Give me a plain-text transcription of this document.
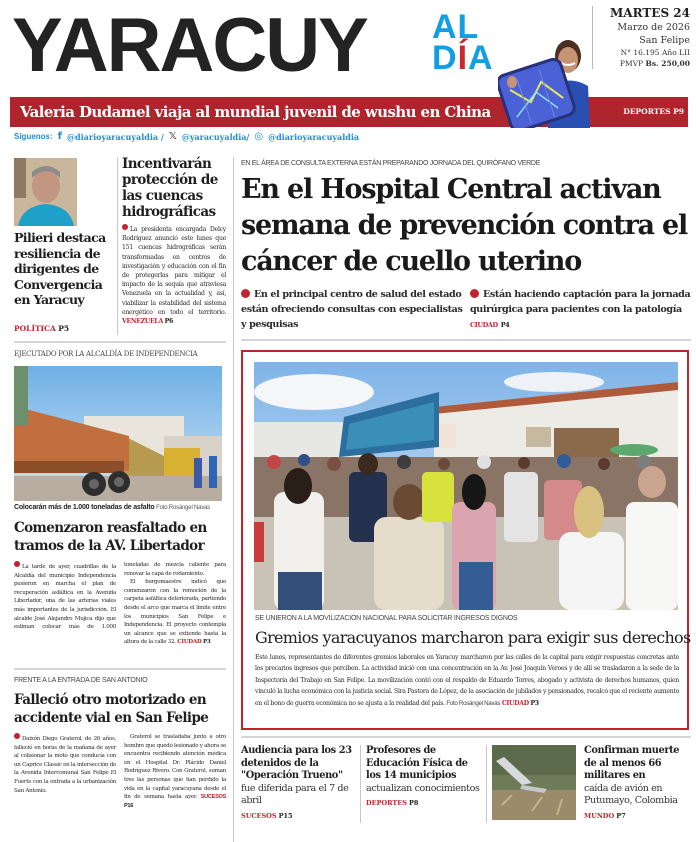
YARACUY	AL
DÍA
Valeria Dudamel viaja al mundial juvenil de wushu en China	DEPORTES P9
MARTES 24
Marzo de 2026
San Felipe
N° 16.195 Año LII
PMVP Bs. 250,00
Síguenos: f @diarioyaracuyaldia / 𝕏 @yaracuyaldia/ ◎ @diarioyaracuyaldia
Pilieri destaca resiliencia de dirigentes de Convergencia en Yaracuy
POLÍTICA P5
Incentivarán protección de las cuencas hidrográficas
La presidenta encargada Delcy Rodríguez anunció este lunes que 151 cuencas hidrográficas serán transformadas en centros de investigación y educación con el fin de protegerlas para mitigar el impacto de la sequía que atraviesa Venezuela en la actualidad y, así, viabilizar la estabilidad del sistema energético en todo el territorio. VENEZUELA P6
EN EL ÁREA DE CONSULTA EXTERNA ESTÁN PREPARANDO JORNADA DEL QUIRÓFANO VERDE
En el Hospital Central activan semana de prevención contra el cáncer de cuello uterino
En el principal centro de salud del estado están ofreciendo consultas con especialistas y pesquisas
Están haciendo captación para la jornada quirúrgica para pacientes con la patología CIUDAD P4
EJECUTADO POR LA ALCALDÍA DE INDEPENDENCIA
Colocarán más de 1.000 toneladas de asfalto Foto Rosángel Navas
Comenzaron reasfaltado en tramos de la AV. Libertador

La tarde de ayer, cuadrillas de la Alcaldía del municipio Independencia pusieron en marcha el plan de recuperación asfáltica en la Avenida Libertador, una de las arterias viales más importantes de la jurisdicción. El alcalde José Alejandro Mujica dijo que estiman colocar más de 1.000 toneladas de mezcla caliente para renovar la capa de rodamiento.

El burgomaestre indicó que comenzaron con la remoción de la carpeta asfáltica deteriorada, partiendo desde el arco que marca el límite entre los municipios San Felipe e Independencia. El proyecto contempla un alcance que se extiende hasta la altura de la calle 32. CIUDAD P3

FRENTE A LA ENTRADA DE SAN ANTONIO
Falleció otro motorizado en accidente vial en San Felipe

Daixón Diego Graterol, de 26 años, falleció en horas de la mañana de ayer al colisionar la moto que conducía con un Caprice Classic en la intersección de la Avenida Intercomunal San Felipe El Fuerte con la entrada a la urbanización San Antonio.

Graterol se trasladaba junto a otro hombre que quedó lesionado y ahora se encuentra recibiendo atención médica en el Hospital Dr. Plácido Daniel Rodríguez Rivero. Con Graterol, suman tres las personas que han perdido la vida en la capital yaracuyana desde el fin de semana hasta ayer. SUCESOS P16

SE UNIERON A LA MOVILIZACIÓN NACIONAL PARA SOLICITAR INGRESOS DIGNOS
Gremios yaracuyanos marcharon para exigir sus derechos
Este lunes, representantes de diferentes gremios laborales en Yaracuy marcharon por las calles de la capital para exigir respuestas concretas ante los precarios ingresos que perciben. La actividad inició con una concentración en la Av. José Joaquín Veroes y de allí se trasladaron a la sede de la Inspectoría del Trabajo en San Felipe. La movilización contó con el respaldo de Eduardo Torres, abogado y activista de derechos humanos, quien vinculó la lucha económica con la justicia social. Sira Pastora de López, de la asociación de jubilados y pensionados, recalcó que el reciente aumento en el bono de guerra económica no se ajusta a la realidad del país. Foto Rosángel Navas CIUDAD P3
Audiencia para los 23 detenidos de la "Operación Trueno"
fue diferida para el 7 de abril
SUCESOS P15
Profesores de Educación Física de los 14 municipios
actualizan conocimientos
DEPORTES P8
Confirman muerte de al menos 66 militares en
caída de avión en Putumayo, Colombia
MUNDO P7
